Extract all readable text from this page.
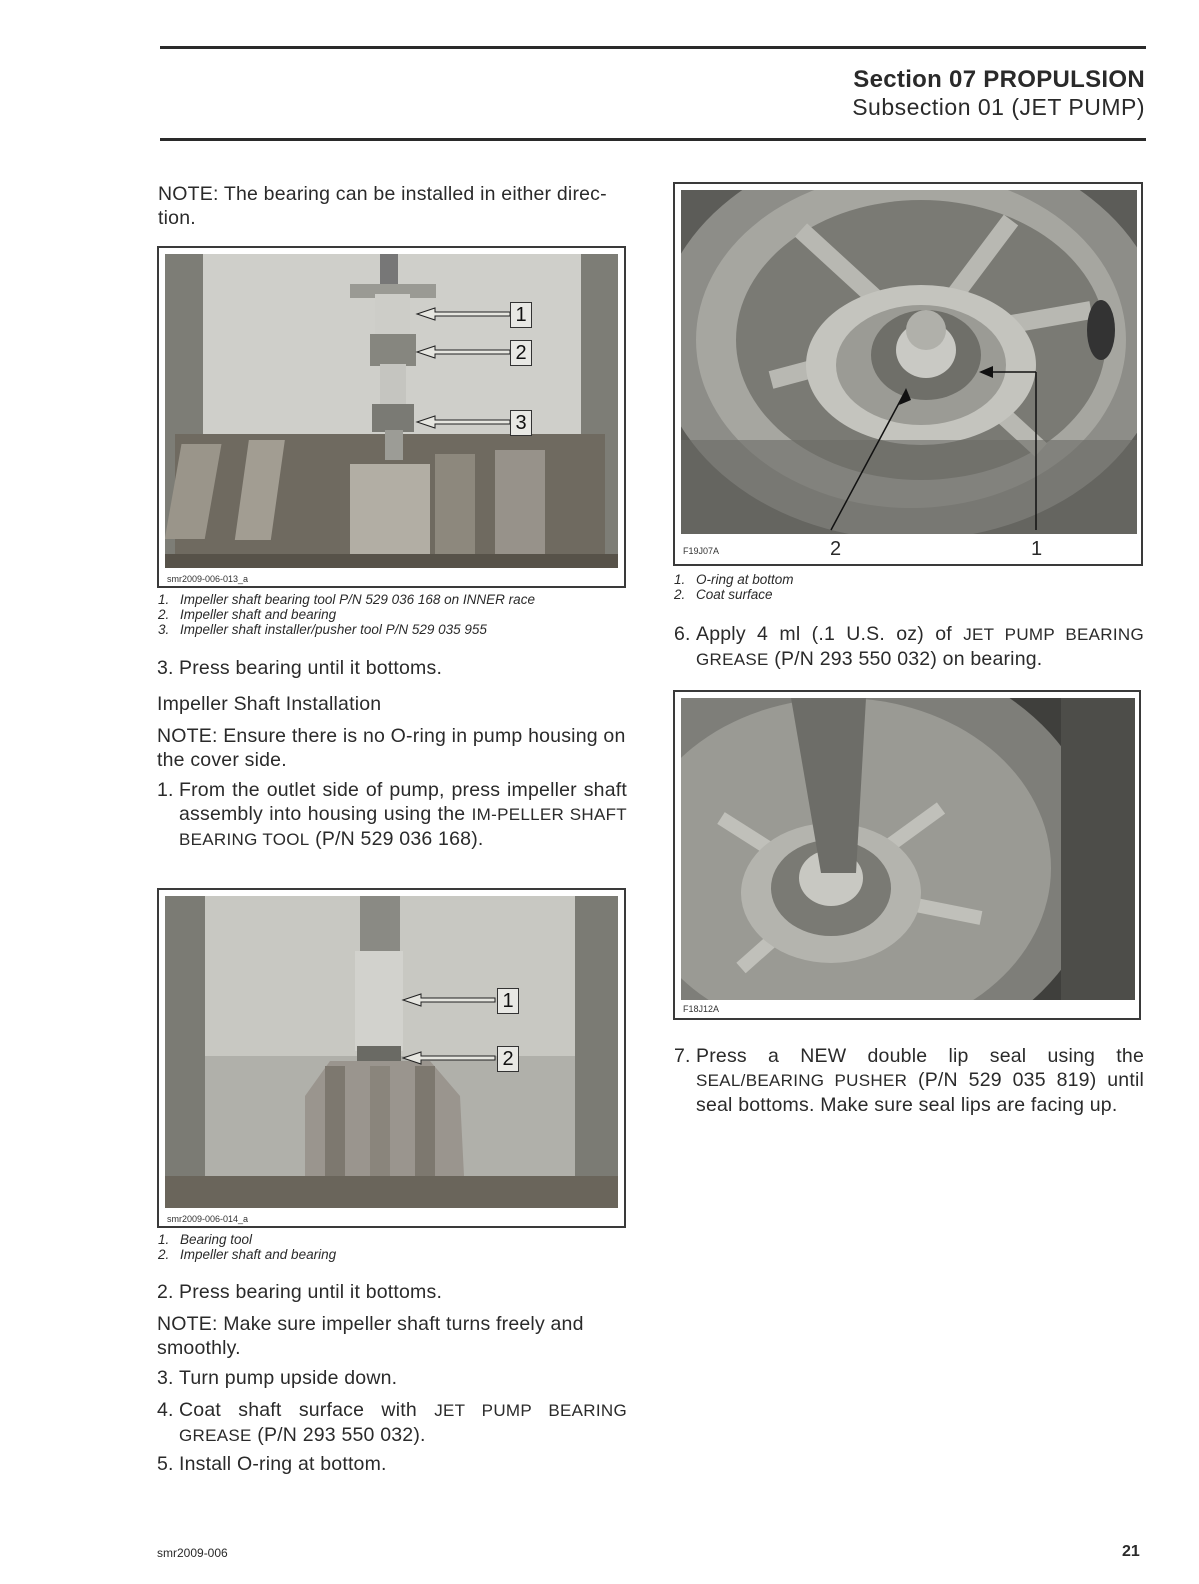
Section 07 PROPULSION
Subsection 01 (JET PUMP)
NOTE: The bearing can be installed in either direc-tion.
1
2
3
smr2009-006-013_a
1. Impeller shaft bearing tool P/N 529 036 168 on INNER race
2. Impeller shaft and bearing
3. Impeller shaft installer/pusher tool P/N 529 035 955
3. Press bearing until it bottoms.
Impeller Shaft Installation
NOTE: Ensure there is no O-ring in pump housing on the cover side.
1. From the outlet side of pump, press impeller shaft assembly into housing using the IM-PELLER SHAFT BEARING TOOL (P/N 529 036 168).
1
2
smr2009-006-014_a
1. Bearing tool
2. Impeller shaft and bearing
2. Press bearing until it bottoms.
NOTE: Make sure impeller shaft turns freely and smoothly.
3. Turn pump upside down.
4. Coat shaft surface with JET PUMP BEARING GREASE (P/N 293 550 032).
5. Install O-ring at bottom.
F19J07A	2	1
1. O-ring at bottom
2. Coat surface
6. Apply 4 ml (.1 U.S. oz) of JET PUMP BEARING GREASE (P/N 293 550 032) on bearing.
F18J12A
7. Press a NEW double lip seal using the SEAL/BEARING PUSHER (P/N 529 035 819) until seal bottoms. Make sure seal lips are facing up.
smr2009-006	21
